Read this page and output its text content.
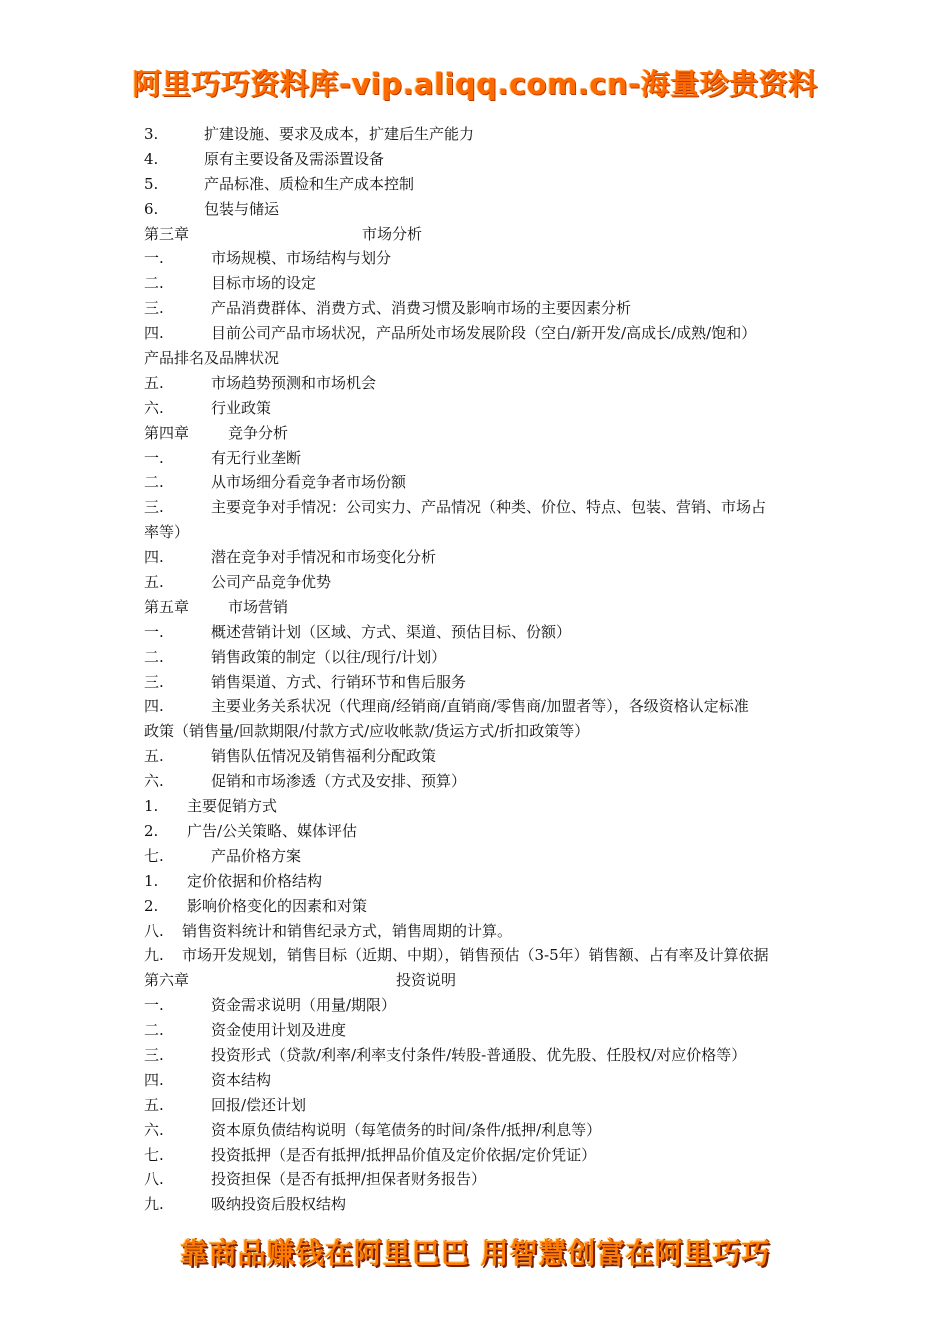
阿里巧巧资料库-vip.aliqq.com.cn-海量珍贵资料
3.	扩建设施、要求及成本，扩建后生产能力
4.	原有主要设备及需添置设备
5.	产品标准、质检和生产成本控制
6.	包装与储运
第三章	市场分析
一.	市场规模、市场结构与划分
二.	目标市场的设定
三.	产品消费群体、消费方式、消费习惯及影响市场的主要因素分析
四.	目前公司产品市场状况，产品所处市场发展阶段（空白/新开发/高成长/成熟/饱和）
产品排名及品牌状况
五.	市场趋势预测和市场机会
六.	行业政策
第四章	竞争分析
一.	有无行业垄断
二.	从市场细分看竞争者市场份额
三.	主要竞争对手情况：公司实力、产品情况（种类、价位、特点、包装、营销、市场占
率等）
四.	潜在竞争对手情况和市场变化分析
五.	公司产品竞争优势
第五章	市场营销
一.	概述营销计划（区域、方式、渠道、预估目标、份额）
二.	销售政策的制定（以往/现行/计划）
三.	销售渠道、方式、行销环节和售后服务
四.	主要业务关系状况（代理商/经销商/直销商/零售商/加盟者等），各级资格认定标准
政策（销售量/回款期限/付款方式/应收帐款/货运方式/折扣政策等）
五.	销售队伍情况及销售福利分配政策
六.	促销和市场渗透（方式及安排、预算）
1.	主要促销方式
2.	广告/公关策略、媒体评估
七.	产品价格方案
1.	定价依据和价格结构
2.	影响价格变化的因素和对策
八.	销售资料统计和销售纪录方式，销售周期的计算。
九.	市场开发规划，销售目标（近期、中期），销售预估（3-5年）销售额、占有率及计算依据
第六章	投资说明
一.	资金需求说明（用量/期限）
二.	资金使用计划及进度
三.	投资形式（贷款/利率/利率支付条件/转股-普通股、优先股、任股权/对应价格等）
四.	资本结构
五.	回报/偿还计划
六.	资本原负债结构说明（每笔债务的时间/条件/抵押/利息等）
七.	投资抵押（是否有抵押/抵押品价值及定价依据/定价凭证）
八.	投资担保（是否有抵押/担保者财务报告）
九.	吸纳投资后股权结构
靠商品赚钱在阿里巴巴 用智慧创富在阿里巧巧
